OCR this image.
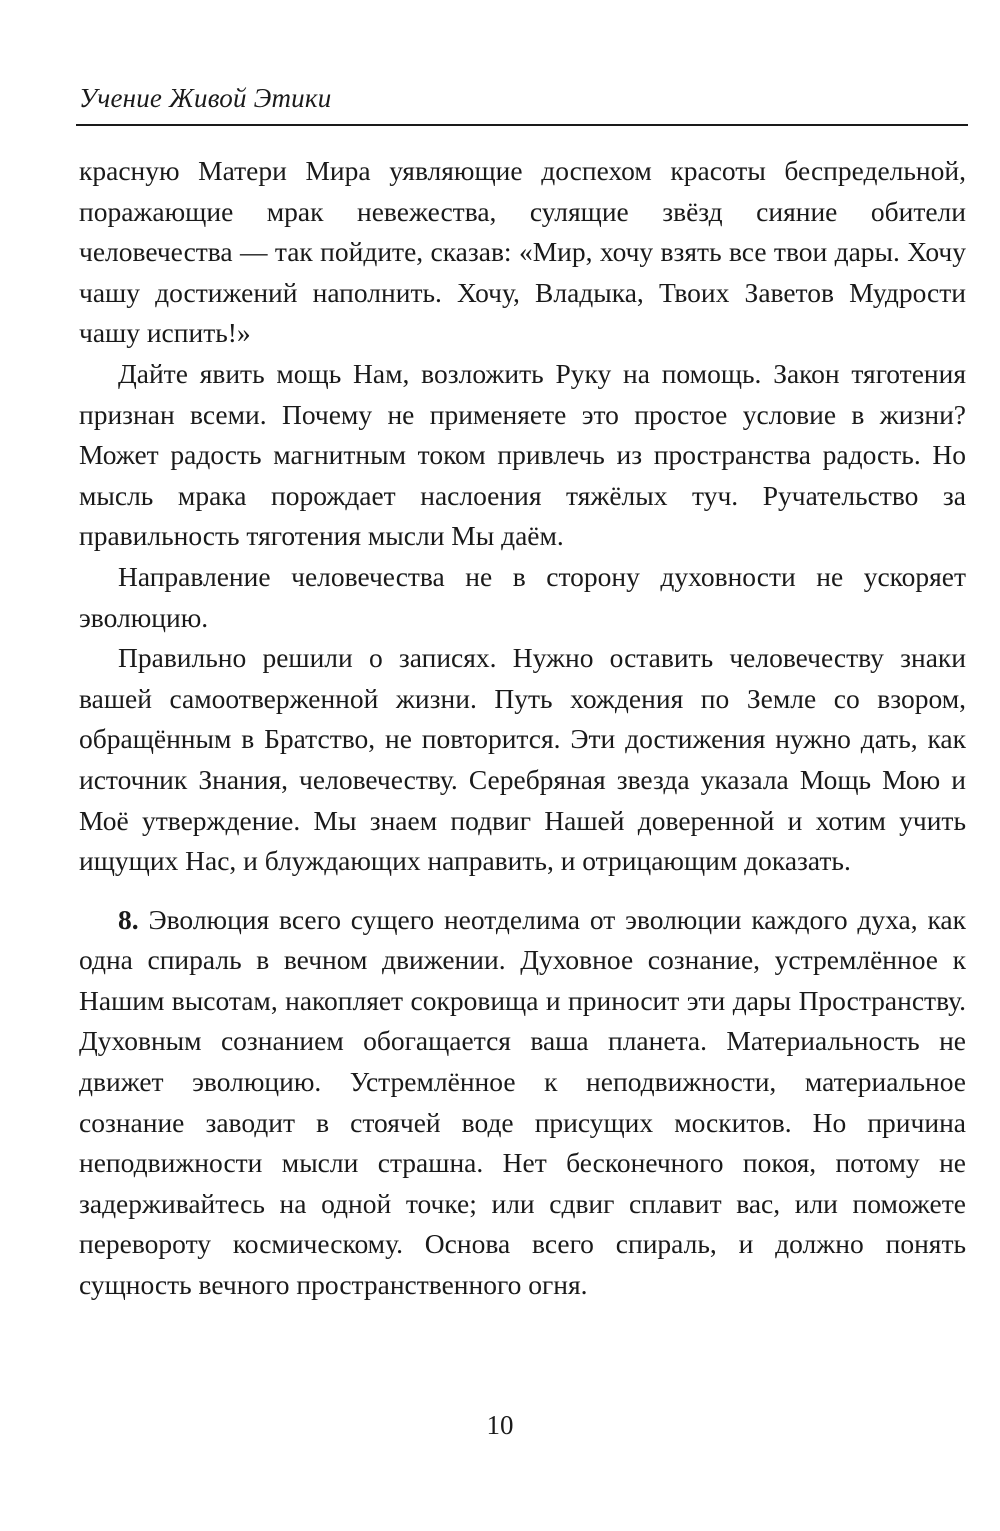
Учение Живой Этики

красную Матери Мира уявляющие доспехом красоты беспредельной, поражающие мрак невежества, сулящие звёзд сияние обители человечества — так пойдите, сказав: «Мир, хочу взять все твои дары. Хочу чашу достижений наполнить. Хочу, Владыка, Твоих Заветов Мудрости чашу испить!»

Дайте явить мощь Нам, возложить Руку на помощь. Закон тяготения признан всеми. Почему не применяете это простое условие в жизни? Может радость магнитным током привлечь из пространства радость. Но мысль мрака порождает наслоения тяжёлых туч. Ручательство за правильность тяготения мысли Мы даём.

Направление человечества не в сторону духовности не ускоряет эволюцию.

Правильно решили о записях. Нужно оставить человечеству знаки вашей самоотверженной жизни. Путь хождения по Земле со взором, обращённым в Братство, не повторится. Эти достижения нужно дать, как источник Знания, человечеству. Серебряная звезда указала Мощь Мою и Моё утверждение. Мы знаем подвиг Нашей доверенной и хотим учить ищущих Нас, и блуждающих направить, и отрицающим доказать.

8. Эволюция всего сущего неотделима от эволюции каждого духа, как одна спираль в вечном движении. Духовное сознание, устремлённое к Нашим высотам, накопляет сокровища и приносит эти дары Пространству. Духовным сознанием обогащается ваша планета. Материальность не движет эволюцию. Устремлённое к неподвижности, материальное сознание заводит в стоячей воде присущих москитов. Но причина неподвижности мысли страшна. Нет бесконечного покоя, потому не задерживайтесь на одной точке; или сдвиг сплавит вас, или поможете перевороту космическому. Основа всего спираль, и должно понять сущность вечного пространственного огня.

10
